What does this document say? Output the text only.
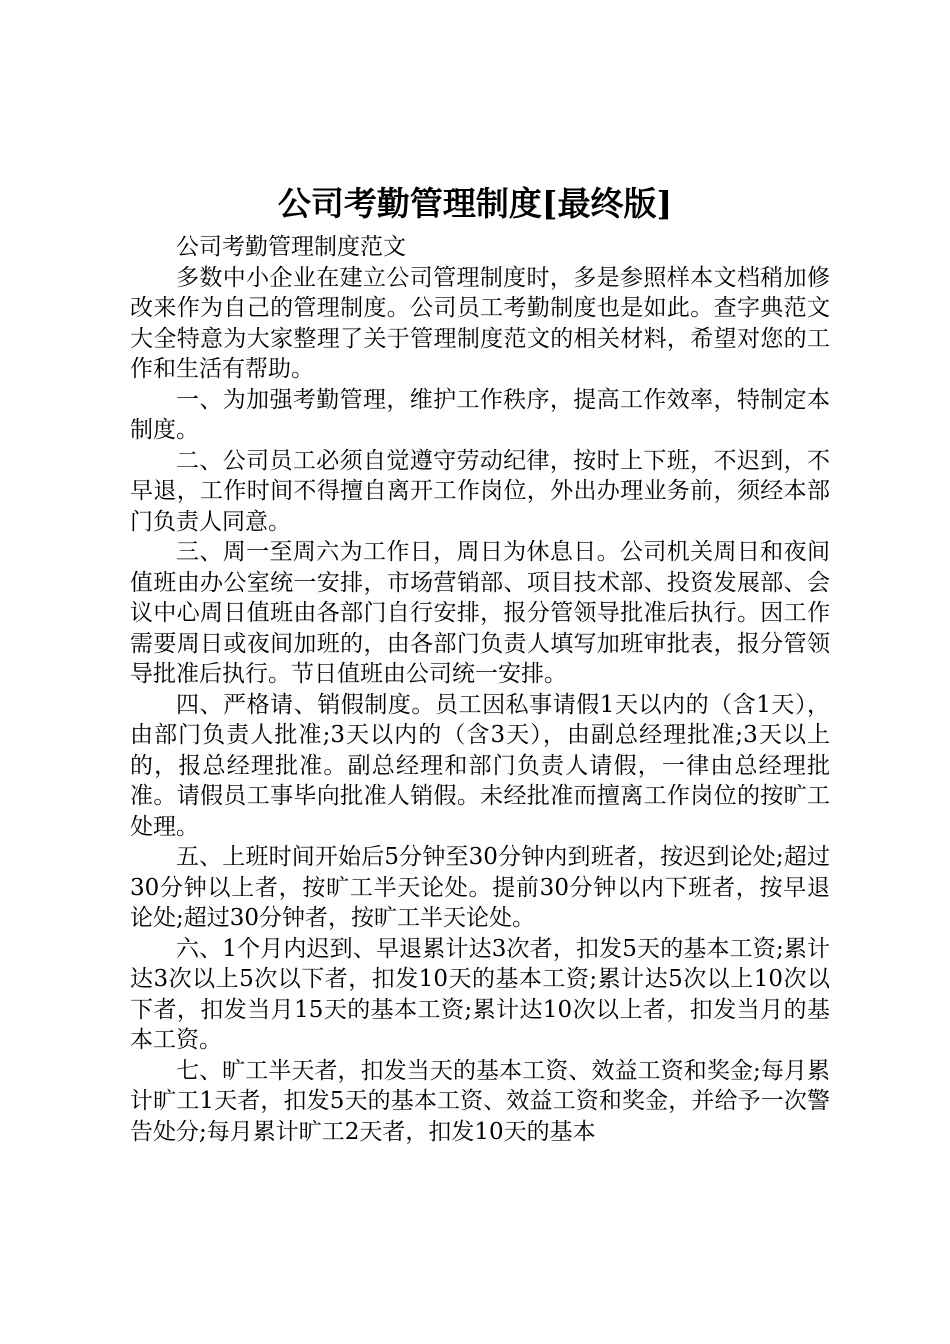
公司考勤管理制度[最终版]

公司考勤管理制度范文

多数中小企业在建立公司管理制度时，多是参照样本文档稍加修改来作为自己的管理制度。公司员工考勤制度也是如此。查字典范文大全特意为大家整理了关于管理制度范文的相关材料，希望对您的工作和生活有帮助。

一、为加强考勤管理，维护工作秩序，提高工作效率，特制定本制度。

二、公司员工必须自觉遵守劳动纪律，按时上下班，不迟到，不早退，工作时间不得擅自离开工作岗位，外出办理业务前，须经本部门负责人同意。

三、周一至周六为工作日，周日为休息日。公司机关周日和夜间值班由办公室统一安排，市场营销部、项目技术部、投资发展部、会议中心周日值班由各部门自行安排，报分管领导批准后执行。因工作需要周日或夜间加班的，由各部门负责人填写加班审批表，报分管领导批准后执行。节日值班由公司统一安排。

四、严格请、销假制度。员工因私事请假1天以内的（含1天），由部门负责人批准;3天以内的（含3天），由副总经理批准;3天以上的，报总经理批准。副总经理和部门负责人请假，一律由总经理批准。请假员工事毕向批准人销假。未经批准而擅离工作岗位的按旷工处理。

五、上班时间开始后5分钟至30分钟内到班者，按迟到论处;超过30分钟以上者，按旷工半天论处。提前30分钟以内下班者，按早退论处;超过30分钟者，按旷工半天论处。

六、1个月内迟到、早退累计达3次者，扣发5天的基本工资;累计达3次以上5次以下者，扣发10天的基本工资;累计达5次以上10次以下者，扣发当月15天的基本工资;累计达10次以上者，扣发当月的基本工资。

七、旷工半天者，扣发当天的基本工资、效益工资和奖金;每月累计旷工1天者，扣发5天的基本工资、效益工资和奖金，并给予一次警告处分;每月累计旷工2天者，扣发10天的基本
